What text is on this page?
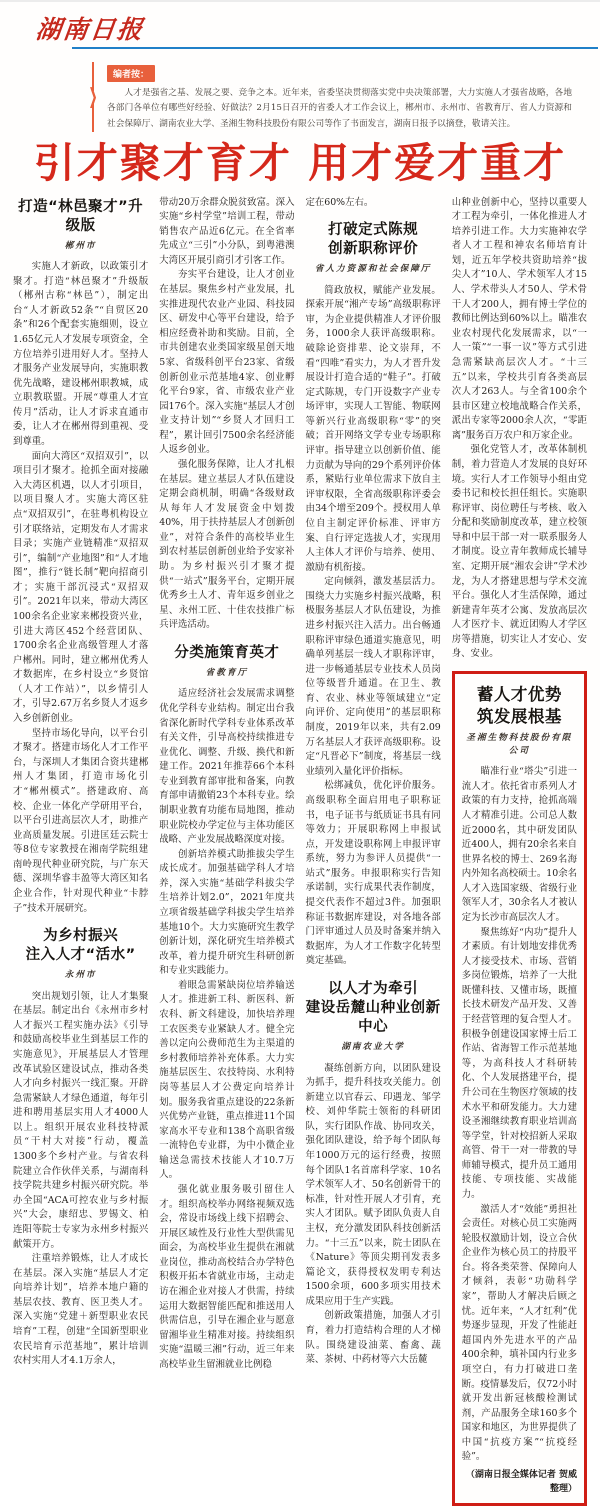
湖南日报
❯
编者按：
人才是强省之基、发展之要、竞争之本。近年来，省委坚决贯彻落实党中央决策部署，大力实施人才强省战略，各地各部门各单位有哪些好经验、好做法？2月15日召开的省委人才工作会议上，郴州市、永州市、省教育厅、省人力资源和社会保障厅、湖南农业大学、圣湘生物科技股份有限公司等作了书面发言，湖南日报予以摘登，敬请关注。
引才聚才育才 用才爱才重才
打造“林邑聚才”升级版
郴州市
实施人才新政，以政策引才聚才。打造“林邑聚才”升级版（郴州古称“林邑”），制定出台“人才新政52条”“自贸区20条”和26个配套实施细则，设立1.65亿元人才发展专项资金，全方位培养引进用好人才。坚持人才服务产业发展导向，实施职教优先战略，建设郴州职教城，成立职教联盟。开展“尊重人才宣传月”活动，让人才诉求直通市委，让人才在郴州得到重视、受到尊重。
面向大湾区“双招双引”，以项目引才聚才。抢抓全面对接融入大湾区机遇，以人才引项目，以项目聚人才。实施大湾区驻点“双招双引”，在驻粤机构设立引才联络站，定期发布人才需求目录；实施产业链精准“双招双引”，编制“产业地图”和“人才地图”，推行“链长制”靶向招商引才；实施干部沉浸式“双招双引”。2021年以来，带动大湾区100余名企业家来郴投资兴业，引进大湾区452个经营团队、1700余名企业高级管理人才落户郴州。同时，建立郴州优秀人才数据库，在乡村设立“乡贤馆（人才工作站）”，以乡情引人才，引导2.67万名乡贤人才返乡入乡创新创业。
坚持市场化导向，以平台引才聚才。搭建市场化人才工作平台，与深圳人才集团合资共建郴州人才集团，打造市场化引才“郴州模式”。搭建政府、高校、企业一体化产学研用平台，以平台引进高层次人才，助推产业高质量发展。引进匡廷云院士等8位专家教授在湘南学院组建南岭现代种业研究院，与广东天德、深圳华睿丰盈等大湾区知名企业合作，针对现代种业“卡脖子”技术开展研究。
为乡村振兴
注入人才“活水”
永州市
突出规划引领，让人才集聚在基层。制定出台《永州市乡村人才振兴工程实施办法》《引导和鼓励高校毕业生到基层工作的实施意见》，开展基层人才管理改革试验区建设试点，推动各类人才向乡村振兴一线汇聚。开辟急需紧缺人才绿色通道，每年引进和聘用基层实用人才4000人以上。组织开展农业科技特派员“干村大对接”行动，覆盖1300多个乡村产业。与省农科院建立合作伙伴关系，与湖南科技学院共建乡村振兴研究院。举办全国“ACA可控农业与乡村振兴”大会，康绍忠、罗锡文、柏连阳等院士专家为永州乡村振兴献策开方。
注重培养锻炼，让人才成长在基层。深入实施“基层人才定向培养计划”，培养本地户籍的基层农技、教育、医卫类人才。深入实施“党建＋新型职业农民培育”工程，创建“全国新型职业农民培育示范基地”，累计培训农村实用人才4.1万余人，
带动20万余群众脱贫致富。深入实施“乡村学堂”培训工程，带动销售农产品近6亿元。在全省率先成立“三引”小分队，到粤港澳大湾区开展引商引才引客工作。
夯实平台建设，让人才创业在基层。聚焦乡村产业发展，扎实推进现代农业产业园、科技园区、研发中心等平台建设，给予相应经费补助和奖励。目前，全市共创建农业类国家级星创天地5家、省级科创平台23家、省级创新创业示范基地4家、创业孵化平台9家，省、市级农业产业园176个。深入实施“基层人才创业支持计划”“乡贤人才回归工程”，累计回引7500余名经济能人返乡创业。
强化服务保障，让人才扎根在基层。建立基层人才队伍建设定期会商机制，明确“各级财政从每年人才发展资金中划拨40%，用于扶持基层人才创新创业”，对符合条件的高校毕业生到农村基层创新创业给予安家补助。为乡村振兴引才聚才提供“一站式”服务平台，定期开展优秀乡土人才、青年返乡创业之星、永州工匠、十佳农技推广标兵评选活动。
分类施策育英才
省教育厅
适应经济社会发展需求调整优化学科专业结构。制定出台我省深化新时代学科专业体系改革有关文件，引导高校持续推进专业优化、调整、升级、换代和新建工作。2021年推荐66个本科专业到教育部审批和备案，向教育部申请撤销23个本科专业。绘制职业教育功能布局地图，推动职业院校办学定位与主体功能区战略、产业发展战略深度对接。
创新培养模式助推拔尖学生成长成才。加强基础学科人才培养，深入实施“基础学科拔尖学生培养计划2.0”，2021年度共立项省级基础学科拔尖学生培养基地10个。大力实施研究生教学创新计划，深化研究生培养模式改革，着力提升研究生科研创新和专业实践能力。
着眼急需紧缺岗位培养输送人才。推进新工科、新医科、新农科、新文科建设，加快培养理工农医类专业紧缺人才。健全完善以定向公费师范生为主渠道的乡村教师培养补充体系。大力实施基层医生、农技特岗、水利特岗等基层人才公费定向培养计划。服务我省重点建设的22条新兴优势产业链，重点推进11个国家高水平专业和138个高职省级一流特色专业群，为中小微企业输送急需技术技能人才10.7万人。
强化就业服务吸引留住人才。组织高校举办网络视频双选会，常设市场线上线下招聘会、开展区域性及行业性大型供需见面会，为高校毕业生提供在湘就业岗位，推动高校结合办学特色积极开拓本省就业市场，主动走访在湘企业对接人才供需，持续运用大数据智能匹配和推送用人供需信息，引导在湘企业与愿意留湘毕业生精准对接。持续组织实施“温暖三湘”行动，近三年来高校毕业生留湘就业比例稳
定在60%左右。
打破定式陈规
创新职称评价
省人力资源和社会保障厅
简政放权，赋能产业发展。探索开展“湘产专场”高级职称评审，为企业提供精准人才评价服务，1000余人获评高级职称。破除论资排辈、论文崇拜，不看“四唯”看实力，为人才晋升发展设计打造合适的“鞋子”。打破定式陈规，专门开设数字产业专场评审，实现人工智能、物联网等新兴行业高级职称“零”的突破；首开网络文学专业专场职称评审。指导建立以创新价值、能力贡献为导向的29个系列评价体系，紧贴行业单位需求下放自主评审权限，全省高级职称评委会由34个增至209个。授权用人单位自主制定评价标准、评审方案、自行评定选拔人才，实现用人主体人才评价与培养、使用、激励有机衔接。
定向倾斜，激发基层活力。围绕大力实施乡村振兴战略，积极服务基层人才队伍建设，为推进乡村振兴注入活力。出台畅通职称评审绿色通道实施意见，明确单列基层一线人才职称评审，进一步畅通基层专业技术人员岗位等级晋升通道。在卫生、教育、农业、林业等领域建立“定向评价、定向使用”的基层职称制度，2019年以来，共有2.09万名基层人才获评高级职称。设定“凡晋必下”制度，将基层一线业绩列入量化评价指标。
松绑减负，优化评价服务。高级职称全面启用电子职称证书，电子证书与纸质证书具有同等效力；开展职称网上申报试点，开发建设职称网上申报评审系统，努力为参评人员提供“一站式”服务。申报职称实行告知承诺制，实行成果代表作制度，提交代表作不超过3件。加强职称证书数据库建设，对各地各部门评审通过人员及时备案并纳入数据库，为人才工作数字化转型奠定基础。
以人才为牵引
建设岳麓山种业创新中心
湖南农业大学
凝练创新方向，以团队建设为抓手，提升科技攻关能力。创新建立以官春云、印遇龙、邹学校、刘仲华院士领衔的科研团队，实行团队作战、协同攻关，强化团队建设，给予每个团队每年1000万元的运行经费，按照每个团队1名首席科学家、10名学术领军人才、50名创新骨干的标准，针对性开展人才引育，充实人才团队。赋予团队负责人自主权，充分激发团队科技创新活力。“十三五”以来，院士团队在《Nature》等顶尖期刊发表多篇论文，获得授权发明专利达1500余项，600多项实用技术成果应用于生产实践。
创新政策措施，加强人才引育，着力打造结构合理的人才梯队。围绕建设油菜、畜禽、蔬菜、茶树、中药材等六大岳麓
山种业创新中心，坚持以重要人才工程为牵引，一体化推进人才培养引进工作。大力实施神农学者人才工程和神农名师培育计划，近五年学校共资助培养“拔尖人才”10人、学术领军人才15人、学术带头人才50人、学术骨干人才200人，拥有博士学位的教师比例达到60%以上。瞄准农业农村现代化发展需求，以“一人一策”“一事一议”等方式引进急需紧缺高层次人才。“十三五”以来，学校共引育各类高层次人才263人。与全省100余个县市区建立校地战略合作关系，派出专家等2000余人次，“零距离”服务百万农户和万家企业。
强化党管人才，改革体制机制，着力营造人才发展的良好环境。实行人才工作领导小组由党委书记和校长担任组长。实施职称评审、岗位聘任与考核、收入分配和奖励制度改革，建立校领导和中层干部一对一联系服务人才制度。设立青年教师成长辅导室、定期开展“湘农会讲”学术沙龙，为人才搭建思想与学术交流平台。强化人才生活保障，通过新建青年英才公寓、发放高层次人才医疗卡、就近团购人才学区房等措施，切实让人才安心、安身、安业。
蓄人才优势
筑发展根基
圣湘生物科技股份有限公司
瞄准行业“塔尖”引进一流人才。依托省市系列人才政策的有力支持，抢抓高端人才精准引进。公司总人数近2000名，其中研发团队近400人，拥有20余名来自世界名校的博士、269名海内外知名高校硕士。10余名人才入选国家级、省级行业领军人才，30余名人才被认定为长沙市高层次人才。
聚焦练好“内功”提升人才素质。有计划地安排优秀人才接受技术、市场、营销多岗位锻炼，培养了一大批既懂科技、又懂市场，既擅长技术研发产品开发、又善于经营管理的复合型人才。积极争创建设国家博士后工作站、省海智工作示范基地等，为高科技人才科研转化、个人发展搭建平台，提升公司在生物医疗领域的技术水平和研发能力。大力建设圣湘继续教育职业培训高等学堂，针对校招新人采取高管、骨干一对一带教的导师辅导模式，提升员工通用技能、专项技能、实战能力。
激活人才“效能”勇担社会责任。对核心员工实施两轮股权激励计划，设立合伙企业作为核心员工的持股平台。将各类荣誉、保障向人才倾斜，表彰“功勋科学家”，帮助人才解决后顾之忧。近年来，“人才红利”优势逐步显现，开发了性能赶超国内外先进水平的产品400余种，填补国内行业多项空白，有力打破进口垄断。疫情暴发后，仅72小时就开发出新冠核酸检测试剂，产品服务全球160多个国家和地区，为世界提供了中国“抗疫方案”“抗疫经验”。
（湖南日报全媒体记者 贺威 整理）
